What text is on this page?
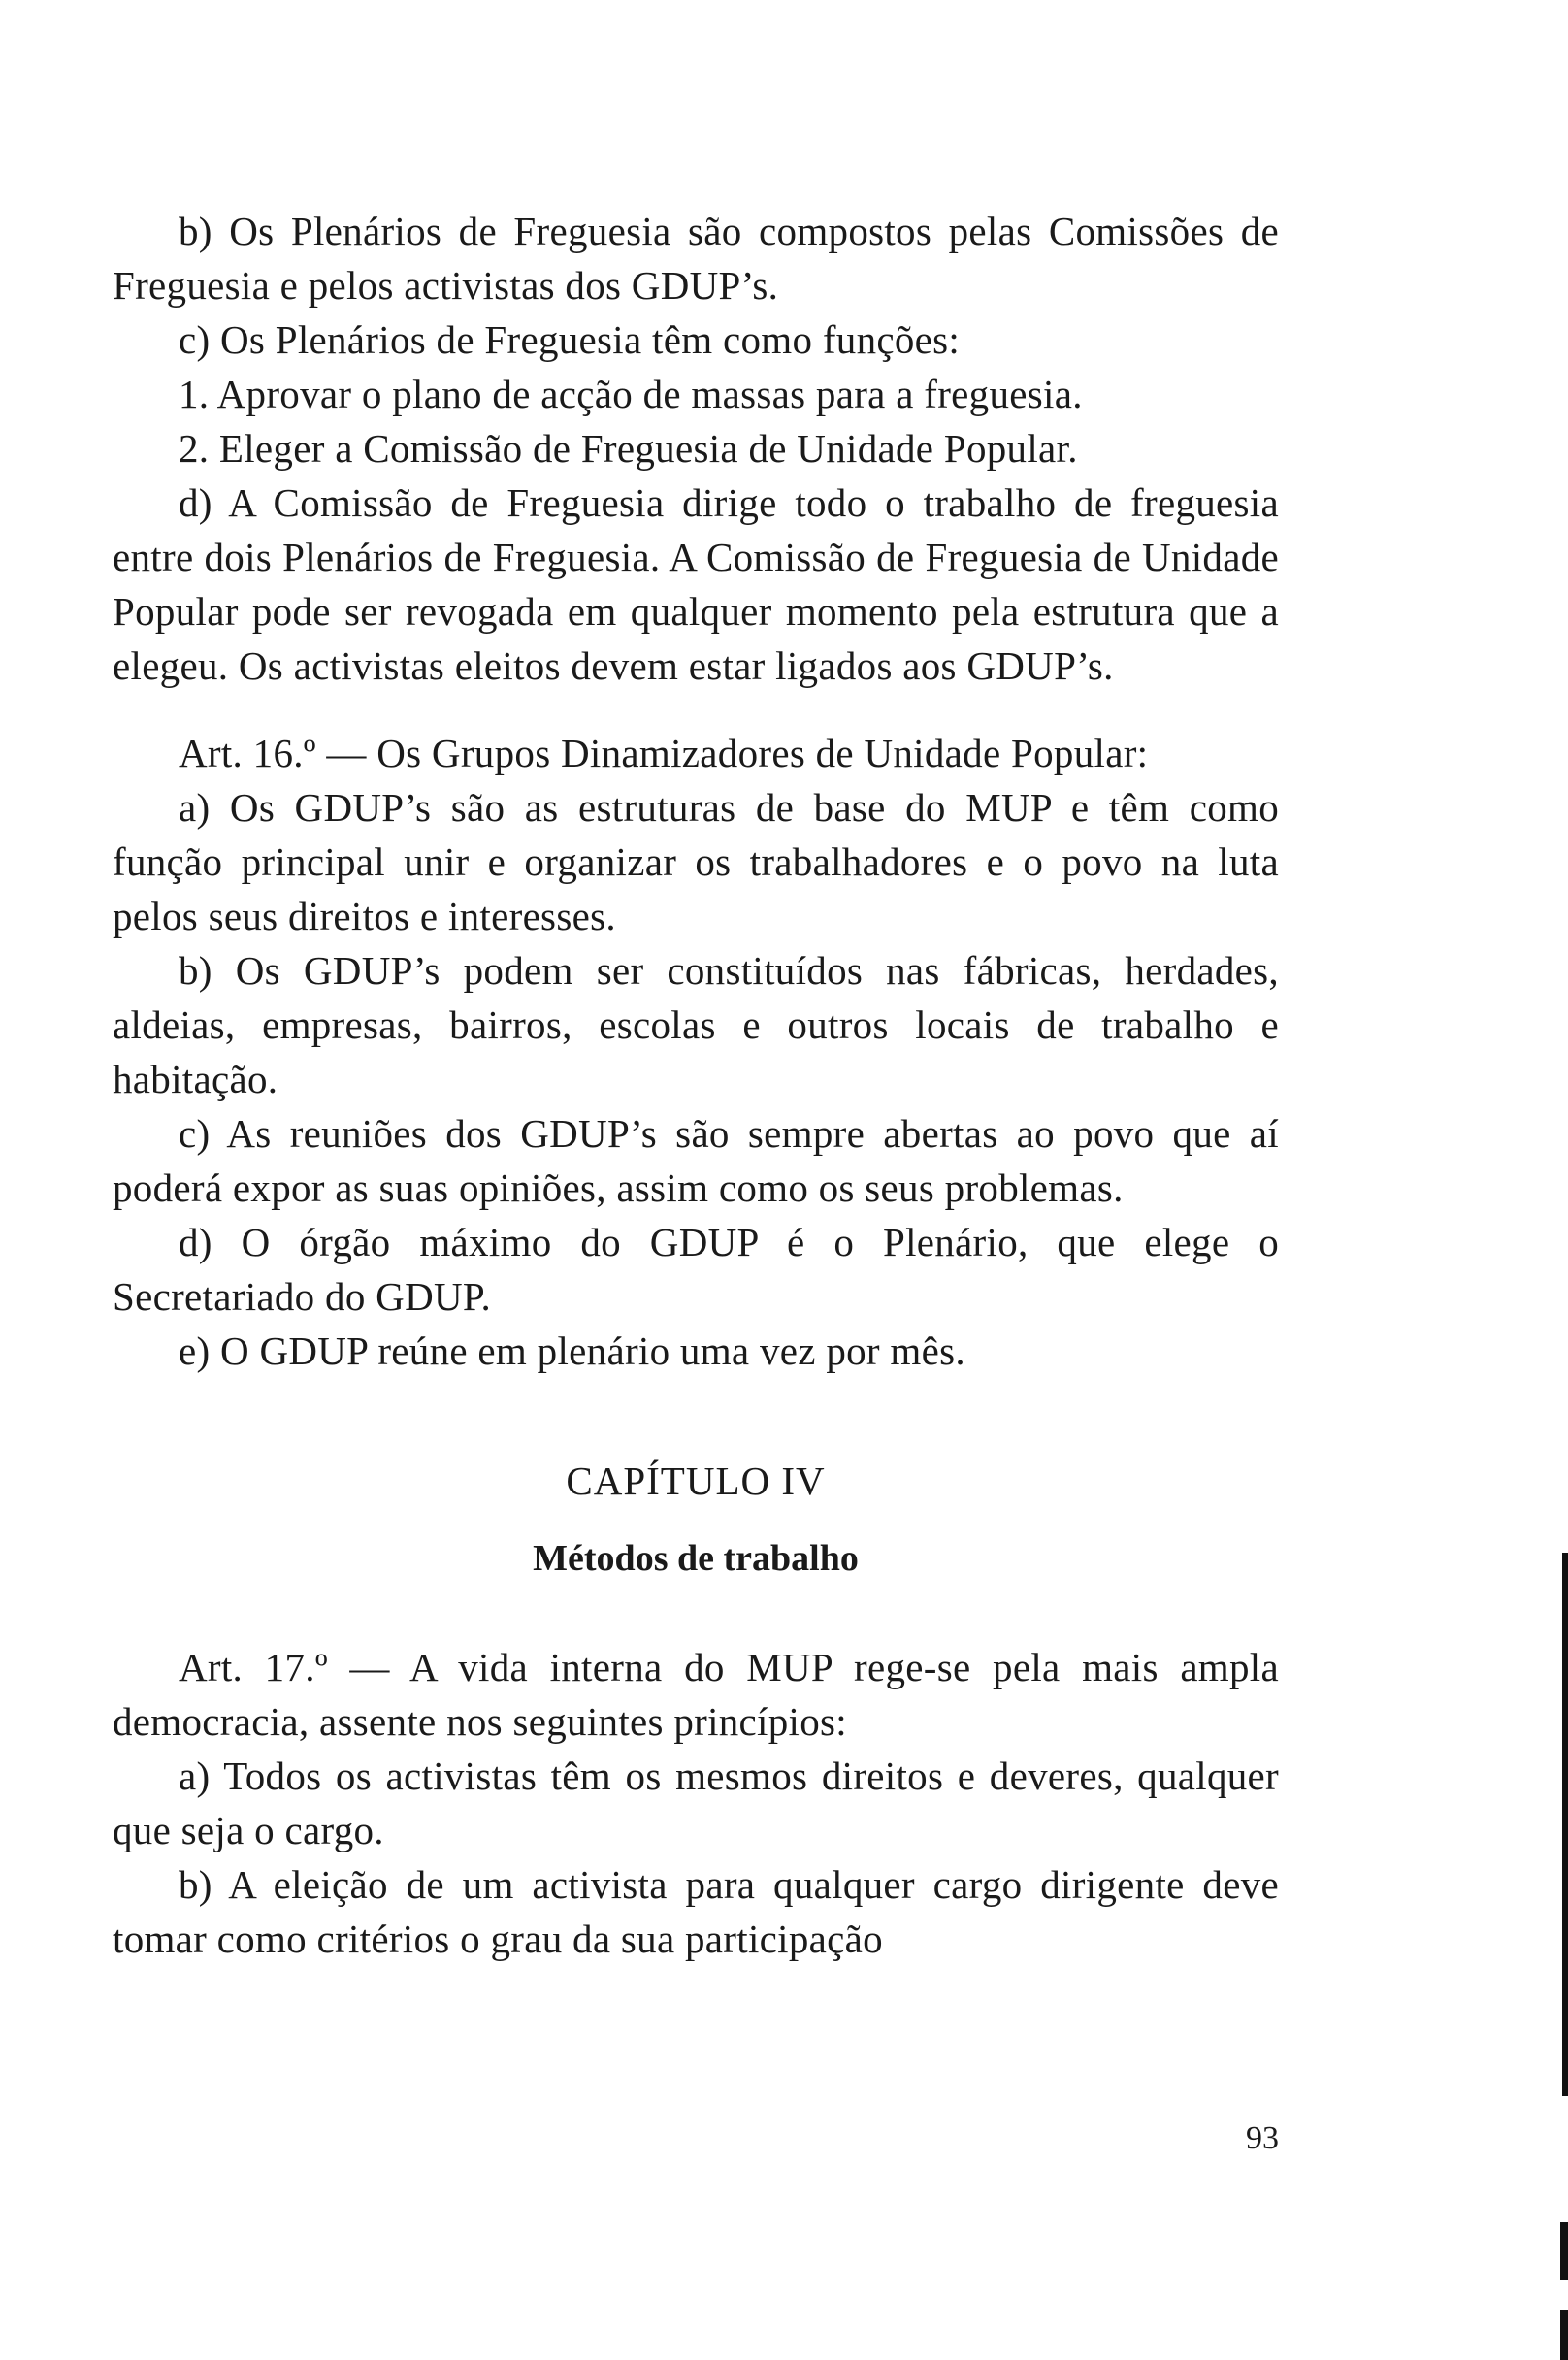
b) Os Plenários de Freguesia são compostos pelas Comissões de Freguesia e pelos activistas dos GDUP’s.

c) Os Plenários de Freguesia têm como funções:

1. Aprovar o plano de acção de massas para a freguesia.

2. Eleger a Comissão de Freguesia de Unidade Popular.

d) A Comissão de Freguesia dirige todo o trabalho de freguesia entre dois Plenários de Freguesia. A Comissão de Freguesia de Unidade Popular pode ser revogada em qualquer momento pela estrutura que a elegeu. Os activistas eleitos devem estar ligados aos GDUP’s.

Art. 16.º — Os Grupos Dinamizadores de Unidade Popular:

a) Os GDUP’s são as estruturas de base do MUP e têm como função principal unir e organizar os trabalhadores e o povo na luta pelos seus direitos e interesses.

b) Os GDUP’s podem ser constituídos nas fábricas, herdades, aldeias, empresas, bairros, escolas e outros locais de trabalho e habitação.

c) As reuniões dos GDUP’s são sempre abertas ao povo que aí poderá expor as suas opiniões, assim como os seus problemas.

d) O órgão máximo do GDUP é o Plenário, que elege o Secretariado do GDUP.

e) O GDUP reúne em plenário uma vez por mês.

CAPÍTULO IV
Métodos de trabalho

Art. 17.º — A vida interna do MUP rege-se pela mais ampla democracia, assente nos seguintes princípios:

a) Todos os activistas têm os mesmos direitos e deveres, qualquer que seja o cargo.

b) A eleição de um activista para qualquer cargo dirigente deve tomar como critérios o grau da sua participação

93
